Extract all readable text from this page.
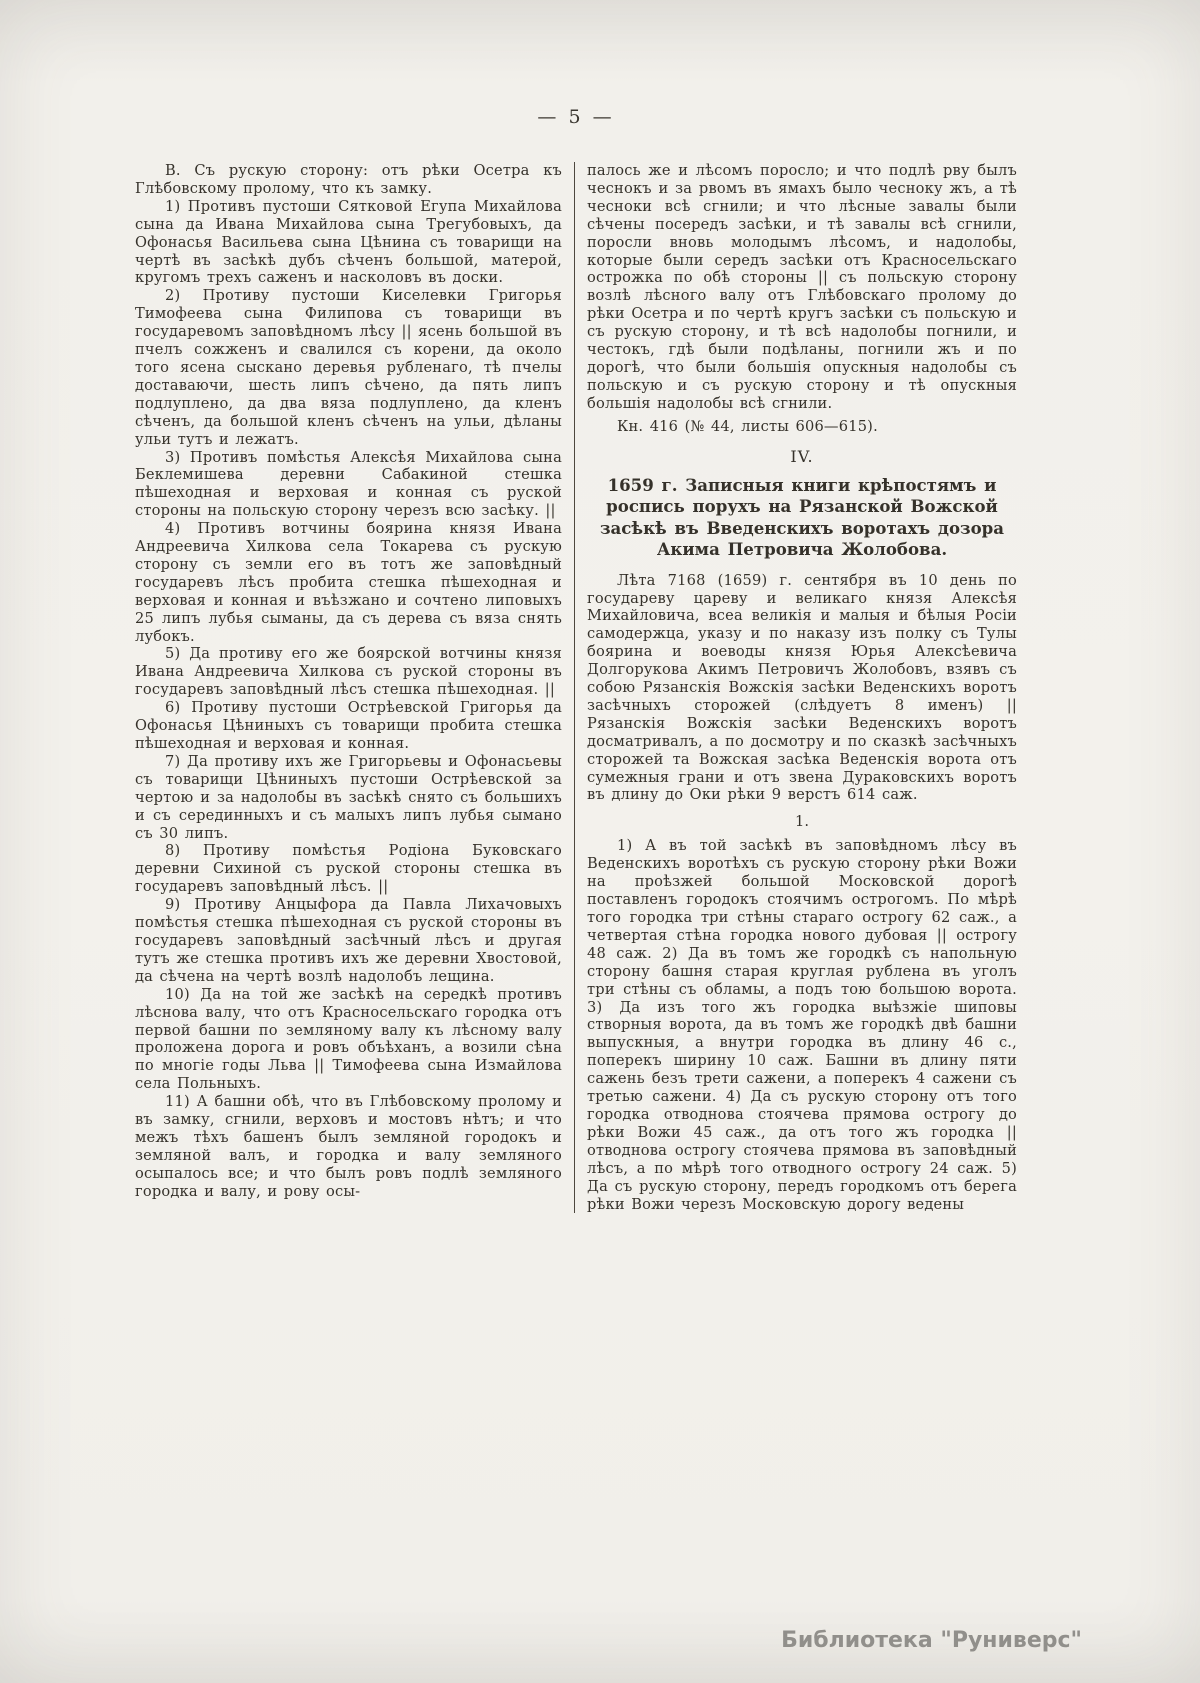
— 5 —

В. Съ рускую сторону: отъ рѣки Осетра къ Глѣбовскому пролому, что къ замку.

1) Противъ пустоши Сятковой Егупа Михайлова сына да Ивана Михайлова сына Трегубовыхъ, да Офонасья Васильева сына Цѣнина съ товарищи на чертѣ въ засѣкѣ дубъ сѣченъ большой, матерой, кругомъ трехъ саженъ и насколовъ въ доски.

2) Противу пустоши Киселевки Григорья Тимофеева сына Филипова съ товарищи въ государевомъ заповѣдномъ лѣсу || ясень большой въ пчелъ сожженъ и свалился съ корени, да около того ясена сыскано деревья рубленаго, тѣ пчелы доставаючи, шесть липъ сѣчено, да пять липъ подлуплено, да два вяза подлуплено, да кленъ сѣченъ, да большой кленъ сѣченъ на ульи, дѣланы ульи тутъ и лежатъ.

3) Противъ помѣстья Алексѣя Михайлова сына Беклемишева деревни Сабакиной стешка пѣшеходная и верховая и конная съ руской стороны на польскую сторону черезъ всю засѣку. ||

4) Противъ вотчины боярина князя Ивана Андреевича Хилкова села Токарева съ рускую сторону съ земли его въ тотъ же заповѣдный государевъ лѣсъ пробита стешка пѣшеходная и верховая и конная и въѣзжано и сочтено липовыхъ 25 липъ лубья сыманы, да съ дерева съ вяза снять лубокъ.

5) Да противу его же боярской вотчины князя Ивана Андреевича Хилкова съ руской стороны въ государевъ заповѣдный лѣсъ стешка пѣшеходная. ||

6) Противу пустоши Острѣевской Григорья да Офонасья Цѣниныхъ съ товарищи пробита стешка пѣшеходная и верховая и конная.

7) Да противу ихъ же Григорьевы и Офонасьевы съ товарищи Цѣниныхъ пустоши Острѣевской за чертою и за надолобы въ засѣкѣ снято съ большихъ и съ серединныхъ и съ малыхъ липъ лубья сымано съ 30 липъ.

8) Противу помѣстья Родіона Буковскаго деревни Сихиной съ руской стороны стешка въ государевъ заповѣдный лѣсъ. ||

9) Противу Анцыфора да Павла Лихачовыхъ помѣстья стешка пѣшеходная съ руской стороны въ государевъ заповѣдный засѣчный лѣсъ и другая тутъ же стешка противъ ихъ же деревни Хвостовой, да сѣчена на чертѣ возлѣ надолобъ лещина.

10) Да на той же засѣкѣ на середкѣ противъ лѣснова валу, что отъ Красносельскаго городка отъ первой башни по земляному валу къ лѣсному валу проложена дорога и ровъ объѣханъ, а возили сѣна по многіе годы Льва || Тимофеева сына Измайлова села Польныхъ.

11) А башни обѣ, что въ Глѣбовскому пролому и въ замку, сгнили, верховъ и мостовъ нѣтъ; и что межъ тѣхъ башенъ былъ земляной городокъ и земляной валъ, и городка и валу земляного осыпалось все; и что былъ ровъ подлѣ земляного городка и валу, и рову осы-

палось же и лѣсомъ поросло; и что подлѣ рву былъ чеснокъ и за рвомъ въ ямахъ было чесноку жъ, а тѣ чесноки всѣ сгнили; и что лѣсные завалы были сѣчены посередъ засѣки, и тѣ завалы всѣ сгнили, поросли вновь молодымъ лѣсомъ, и надолобы, которые были середъ засѣки отъ Красносельскаго острожка по обѣ стороны || съ польскую сторону возлѣ лѣсного валу отъ Глѣбовскаго пролому до рѣки Осетра и по чертѣ кругъ засѣки съ польскую и съ рускую сторону, и тѣ всѣ надолобы погнили, и честокъ, гдѣ были подѣланы, погнили жъ и по дорогѣ, что были большія опускныя надолобы съ польскую и съ рускую сторону и тѣ опускныя большія надолобы всѣ сгнили.

Кн. 416 (№ 44, листы 606—615).

IV.
1659 г. Записныя книги крѣпостямъ и роспись порухъ на Рязанской Вожской засѣкѣ въ Введенскихъ воротахъ дозора Акима Петровича Жолобова.

Лѣта 7168 (1659) г. сентября въ 10 день по государеву цареву и великаго князя Алексѣя Михайловича, всеа великія и малыя и бѣлыя Росіи самодержца, указу и по наказу изъ полку съ Тулы боярина и воеводы князя Юрья Алексѣевича Долгорукова Акимъ Петровичъ Жолобовъ, взявъ съ собою Рязанскія Вожскія засѣки Веденскихъ воротъ засѣчныхъ сторожей (слѣдуетъ 8 именъ) || Рязанскія Вожскія засѣки Веденскихъ воротъ досматривалъ, а по досмотру и по сказкѣ засѣчныхъ сторожей та Вожская засѣка Веденскія ворота отъ сумежныя грани и отъ звена Дураковскихъ воротъ въ длину до Оки рѣки 9 верстъ 614 саж.

1.

1) А въ той засѣкѣ въ заповѣдномъ лѣсу въ Веденскихъ воротѣхъ съ рускую сторону рѣки Вожи на проѣзжей большой Московской дорогѣ поставленъ городокъ стоячимъ острогомъ. По мѣрѣ того городка три стѣны стараго острогу 62 саж., а четвертая стѣна городка нового дубовая || острогу 48 саж. 2) Да въ томъ же городкѣ съ напольную сторону башня старая круглая рублена въ уголъ три стѣны съ обламы, а подъ тою большою ворота. 3) Да изъ того жъ городка выѣзжіе шиповы створныя ворота, да въ томъ же городкѣ двѣ башни выпускныя, а внутри городка въ длину 46 с., поперекъ ширину 10 саж. Башни въ длину пяти сажень безъ трети сажени, а поперекъ 4 сажени съ третью сажени. 4) Да съ рускую сторону отъ того городка отводнова стоячева прямова острогу до рѣки Вожи 45 саж., да отъ того жъ городка || отводнова острогу стоячева прямова въ заповѣдный лѣсъ, а по мѣрѣ того отводного острогу 24 саж. 5) Да съ рускую сторону, передъ городкомъ отъ берега рѣки Вожи черезъ Московскую дорогу ведены

Библиотека "Руниверс"
